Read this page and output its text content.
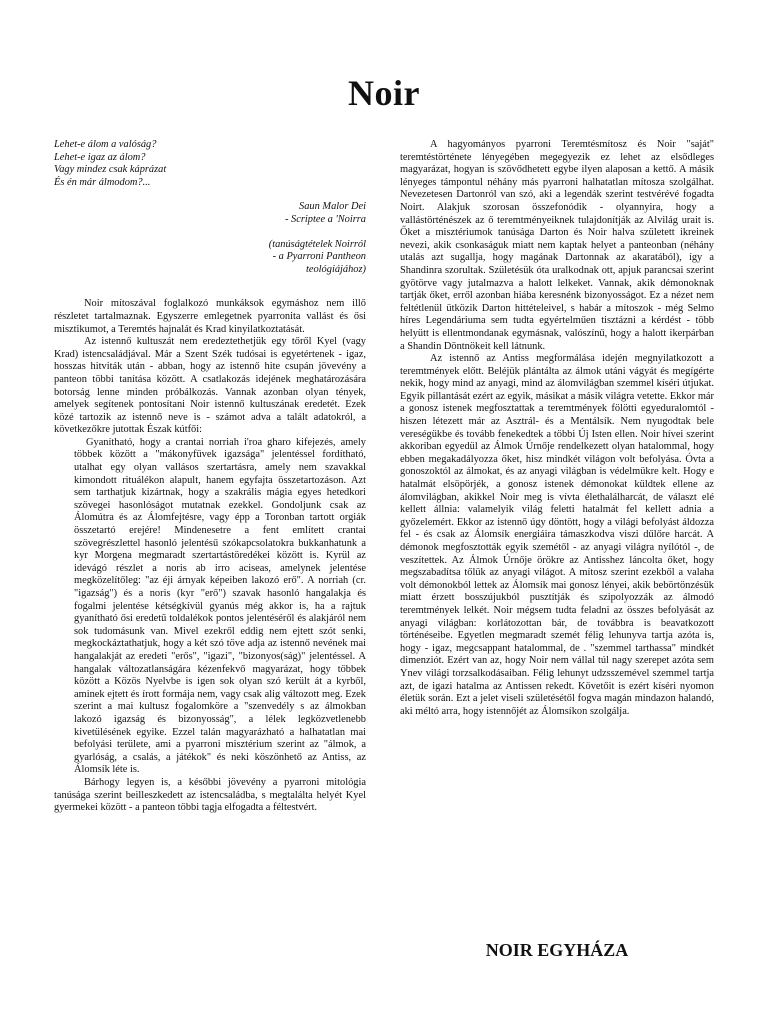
Noir
Lehet-e álom a valóság?
Lehet-e igaz az álom?
Vagy mindez csak káprázat
És én már álmodom?...
Saun Malor Dei
- Scriptee a 'Noirra
(tanúságtételek Noirról
- a Pyarroni Pantheon
teológiájához)

Noir mítoszával foglalkozó munkáksok egymáshoz nem illő részletet tartalmaznak. Egyszerre emlegetnek pyarronita vallást és ősi misztikumot, a Teremtés hajnalát és Krad kinyilatkoztatását.

Az istennő kultuszát nem eredeztethetjük egy tőről Kyel (vagy Krad) istencsaládjával. Már a Szent Szék tudósai is egyetértenek - igaz, hosszas hitviták után - abban, hogy az istennő hite csupán jövevény a panteon többi tanítása között. A csatlakozás idejének meghatározására botorság lenne minden próbálkozás. Vannak azonban olyan tények, amelyek segítenek pontosítani Noir istennő kultuszának eredetét. Ezek közé tartozik az istennő neve is - számot adva a talált adatokról, a következőkre jutottak Észak kútfői:

Gyanítható, hogy a crantai norriah i'roa gharo kifejezés, amely többek között a "mákonyfüvek igazsága" jelentéssel fordítható, utalhat egy olyan vallásos szertartásra, amely nem szavakkal kimondott rituálékon alapult, hanem egyfajta összetartozáson. Azt sem tarthatjuk kizártnak, hogy a szakrális mágia egyes hetedkori szövegei hasonlóságot mutatnak ezekkel. Gondoljunk csak az Álomútra és az Álomfejtésre, vagy épp a Toronban tartott orgiák összetartó erejére! Mindenesetre a fent említett crantai szövegrészlettel hasonló jelentésű szókapcsolatokra bukkanhatunk a kyr Morgena megmaradt szertartástöredékei között is. Kyrül az idevágó részlet a noris ab irro aciseas, amelynek jelentése megközelítőleg: "az éji árnyak képeiben lakozó erő". A norriah (cr. "igazság") és a noris (kyr "erő") szavak hasonló hangalakja és fogalmi jelentése kétségkívül gyanús még akkor is, ha a rajtuk gyanítható ősi eredetű toldalékok pontos jelentéséről és alakjáról nem sok tudomásunk van. Mivel ezekről eddig nem ejtett szót senki, megkockáztathatjuk, hogy a két szó töve adja az istennő nevének mai hangalakját az eredeti "erős", "igazi", "bizonyos(ság)" jelentéssel. A hangalak változatlanságára kézenfekvő magyarázat, hogy többek között a Közös Nyelvbe is igen sok olyan szó került át a kyrből, aminek ejtett és írott formája nem, vagy csak alig változott meg. Ezek szerint a mai kultusz fogalomköre a "szenvedély s az álmokban lakozó igazság és bizonyosság", a lélek legközvetlenebb kivetülésének egyike. Ezzel talán magyarázható a halhatatlan mai befolyási területe, ami a pyarroni misztérium szerint az "álmok, a gyarlóság, a csalás, a játékok" és neki köszönhető az Antiss, az Álomsík léte is.

Bárhogy legyen is, a későbbi jövevény a pyarroni mitológia tanúsága szerint beilleszkedett az istencsaládba, s megtalálta helyét Kyel gyermekei között - a panteon többi tagja elfogadta a féltestvért.

A hagyományos pyarroni Teremtésmítosz és Noir "saját" teremtéstörténete lényegében megegyezik ez lehet az elsődleges magyarázat, hogyan is szövődhetett egybe ilyen alaposan a kettő. A másik lényeges támpontul néhány más pyarroni halhatatlan mítosza szolgálhat. Nevezetesen Dartonról van szó, aki a legendák szerint testvérévé fogadta Noirt. Alakjuk szorosan összefonódik - olyannyira, hogy a vallástörténészek az ő teremtményeiknek tulajdonítják az Alvilág urait is. Őket a misztériumok tanúsága Darton és Noir halva született ikreinek nevezi, akik csonkaságuk miatt nem kaptak helyet a panteonban (néhány utalás azt sugallja, hogy magának Dartonnak az akaratából), így a Shandinra szorultak. Születésük óta uralkodnak ott, apjuk parancsai szerint gyötörve vagy jutalmazva a halott lelkeket. Vannak, akik démonoknak tartják őket, erről azonban hiába keresnénk bizonyosságot. Ez a nézet nem feltétlenül ütközik Darton hittételeivel, s habár a mítoszok - még Selmo híres Legendáriuma sem tudta egyértelműen tisztázni a kérdést - több helyütt is ellentmondanak egymásnak, valószínű, hogy a halott ikerpárban a Shandin Döntnökeit kell látnunk.

Az istennő az Antiss megformálása idején megnyilatkozott a teremtmények előtt. Beléjük plántálta az álmok utáni vágyát és megígérte nekik, hogy mind az anyagi, mind az álomvilágban szemmel kíséri útjukat. Egyik pillantását ezért az egyik, másikat a másik világra vetette. Ekkor már a gonosz istenek megfosztattak a teremtmények fölötti egyeduralomtól - hiszen létezett már az Asztrál- és a Mentálsík. Nem nyugodtak bele vereségükbe és tovább fenekedtek a többi Új Isten ellen. Noir hívei szerint akkoriban egyedül az Álmok Úrnője rendelkezett olyan hatalommal, hogy ebben megakadályozza őket, hisz mindkét világon volt befolyása. Óvta a gonoszoktól az álmokat, és az anyagi világban is védelmükre kelt. Hogy e hatalmát elsöpörjék, a gonosz istenek démonokat küldtek ellene az álomvilágban, akikkel Noir meg is vívta élethalálharcát, de választ elé kellett állnia: valamelyik világ feletti hatalmát fel kellett adnia a győzelemért. Ekkor az istennő úgy döntött, hogy a világi befolyást áldozza fel - és csak az Álomsík energiáira támaszkodva viszi dűlőre harcát. A démonok megfosztották egyik szemétől - az anyagi világra nyílótól -, de veszítettek. Az Álmok Úrnője örökre az Antisshez láncolta őket, hogy megszabadítsa tőlük az anyagi világot. A mítosz szerint ezekből a valaha volt démonokból lettek az Álomsík mai gonosz lényei, akik bebörtönzésük miatt érzett bosszújukból pusztítják és szipolyozzák az álmodó teremtmények lelkét. Noir mégsem tudta feladni az összes befolyását az anyagi világban: korlátozottan bár, de továbbra is beavatkozott történéseibe. Egyetlen megmaradt szemét félig lehunyva tartja azóta is, hogy - igaz, megcsappant hatalommal, de . "szemmel tarthassa" mindkét dimenziót. Ezért van az, hogy Noir nem vállal túl nagy szerepet azóta sem Ynev világi torzsalkodásaiban. Félig lehunyt udzsszemével szemmel tartja azt, de igazi hatalma az Antissen rekedt. Követőit is ezért kíséri nyomon életük során. Ezt a jelet viseli születésétől fogva magán mindazon halandó, aki méltó arra, hogy istennőjét az Álomsíkon szolgálja.

NOIR EGYHÁZA
